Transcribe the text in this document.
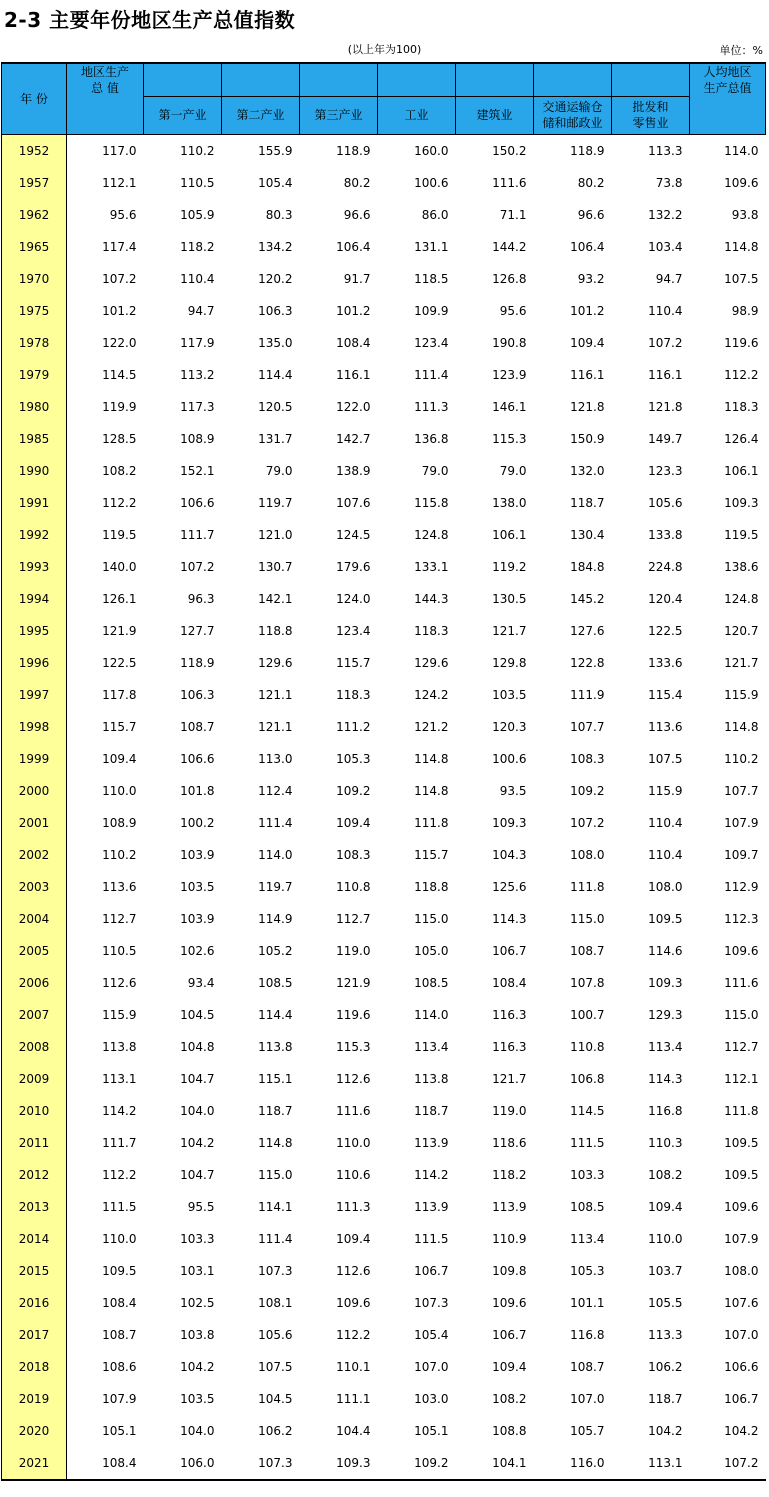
2-3 主要年份地区生产总值指数
(以上年为100)	单位：%
年 份	地区生产
总 值								人均地区
生产总值
		第一产业	第二产业	第三产业	工业	建筑业	交通运输仓
储和邮政业	批发和
零售业	
1952	117.0	110.2	155.9	118.9	160.0	150.2	118.9	113.3	114.0
1957	112.1	110.5	105.4	80.2	100.6	111.6	80.2	73.8	109.6
1962	95.6	105.9	80.3	96.6	86.0	71.1	96.6	132.2	93.8
1965	117.4	118.2	134.2	106.4	131.1	144.2	106.4	103.4	114.8
1970	107.2	110.4	120.2	91.7	118.5	126.8	93.2	94.7	107.5
1975	101.2	94.7	106.3	101.2	109.9	95.6	101.2	110.4	98.9
1978	122.0	117.9	135.0	108.4	123.4	190.8	109.4	107.2	119.6
1979	114.5	113.2	114.4	116.1	111.4	123.9	116.1	116.1	112.2
1980	119.9	117.3	120.5	122.0	111.3	146.1	121.8	121.8	118.3
1985	128.5	108.9	131.7	142.7	136.8	115.3	150.9	149.7	126.4
1990	108.2	152.1	79.0	138.9	79.0	79.0	132.0	123.3	106.1
1991	112.2	106.6	119.7	107.6	115.8	138.0	118.7	105.6	109.3
1992	119.5	111.7	121.0	124.5	124.8	106.1	130.4	133.8	119.5
1993	140.0	107.2	130.7	179.6	133.1	119.2	184.8	224.8	138.6
1994	126.1	96.3	142.1	124.0	144.3	130.5	145.2	120.4	124.8
1995	121.9	127.7	118.8	123.4	118.3	121.7	127.6	122.5	120.7
1996	122.5	118.9	129.6	115.7	129.6	129.8	122.8	133.6	121.7
1997	117.8	106.3	121.1	118.3	124.2	103.5	111.9	115.4	115.9
1998	115.7	108.7	121.1	111.2	121.2	120.3	107.7	113.6	114.8
1999	109.4	106.6	113.0	105.3	114.8	100.6	108.3	107.5	110.2
2000	110.0	101.8	112.4	109.2	114.8	93.5	109.2	115.9	107.7
2001	108.9	100.2	111.4	109.4	111.8	109.3	107.2	110.4	107.9
2002	110.2	103.9	114.0	108.3	115.7	104.3	108.0	110.4	109.7
2003	113.6	103.5	119.7	110.8	118.8	125.6	111.8	108.0	112.9
2004	112.7	103.9	114.9	112.7	115.0	114.3	115.0	109.5	112.3
2005	110.5	102.6	105.2	119.0	105.0	106.7	108.7	114.6	109.6
2006	112.6	93.4	108.5	121.9	108.5	108.4	107.8	109.3	111.6
2007	115.9	104.5	114.4	119.6	114.0	116.3	100.7	129.3	115.0
2008	113.8	104.8	113.8	115.3	113.4	116.3	110.8	113.4	112.7
2009	113.1	104.7	115.1	112.6	113.8	121.7	106.8	114.3	112.1
2010	114.2	104.0	118.7	111.6	118.7	119.0	114.5	116.8	111.8
2011	111.7	104.2	114.8	110.0	113.9	118.6	111.5	110.3	109.5
2012	112.2	104.7	115.0	110.6	114.2	118.2	103.3	108.2	109.5
2013	111.5	95.5	114.1	111.3	113.9	113.9	108.5	109.4	109.6
2014	110.0	103.3	111.4	109.4	111.5	110.9	113.4	110.0	107.9
2015	109.5	103.1	107.3	112.6	106.7	109.8	105.3	103.7	108.0
2016	108.4	102.5	108.1	109.6	107.3	109.6	101.1	105.5	107.6
2017	108.7	103.8	105.6	112.2	105.4	106.7	116.8	113.3	107.0
2018	108.6	104.2	107.5	110.1	107.0	109.4	108.7	106.2	106.6
2019	107.9	103.5	104.5	111.1	103.0	108.2	107.0	118.7	106.7
2020	105.1	104.0	106.2	104.4	105.1	108.8	105.7	104.2	104.2
2021	108.4	106.0	107.3	109.3	109.2	104.1	116.0	113.1	107.2
